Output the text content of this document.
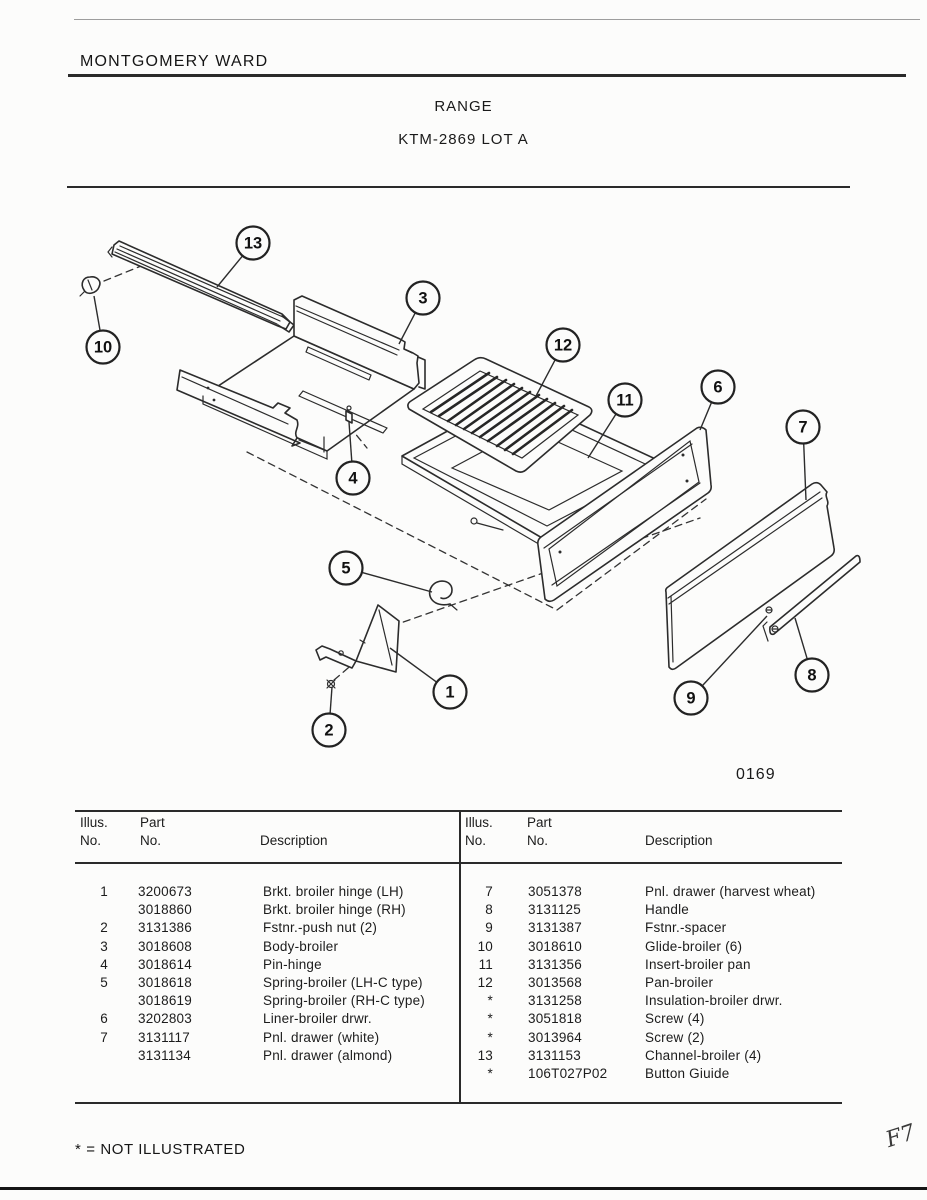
MONTGOMERY WARD
RANGE
KTM-2869 LOT A
1
2
3
4
5
6
7
8
9
10
11
12
13
0169
Illus.
No.
Part
No.	Description
Illus.
No.
Part
No.	Description
1 3200673	Brkt. broiler hinge (LH)
3018860	Brkt. broiler hinge (RH)
2 3131386	Fstnr.-push nut (2)
3 3018608	Body-broiler
4 3018614	Pin-hinge
5 3018618	Spring-broiler (LH-C type)
3018619	Spring-broiler (RH-C type)
6 3202803	Liner-broiler drwr.
7 3131117	Pnl. drawer (white)
3131134	Pnl. drawer (almond)
7	3051378	Pnl. drawer (harvest wheat)
8	3131125	Handle
9	3131387	Fstnr.-spacer
10	3018610	Glide-broiler (6)
11	3131356	Insert-broiler pan
12	3013568	Pan-broiler
*	3131258	Insulation-broiler drwr.
*	3051818	Screw (4)
*	3013964	Screw (2)
13	3131153	Channel-broiler (4)
*	106T027P02	Button Giuide
* = NOT ILLUSTRATED	F7
